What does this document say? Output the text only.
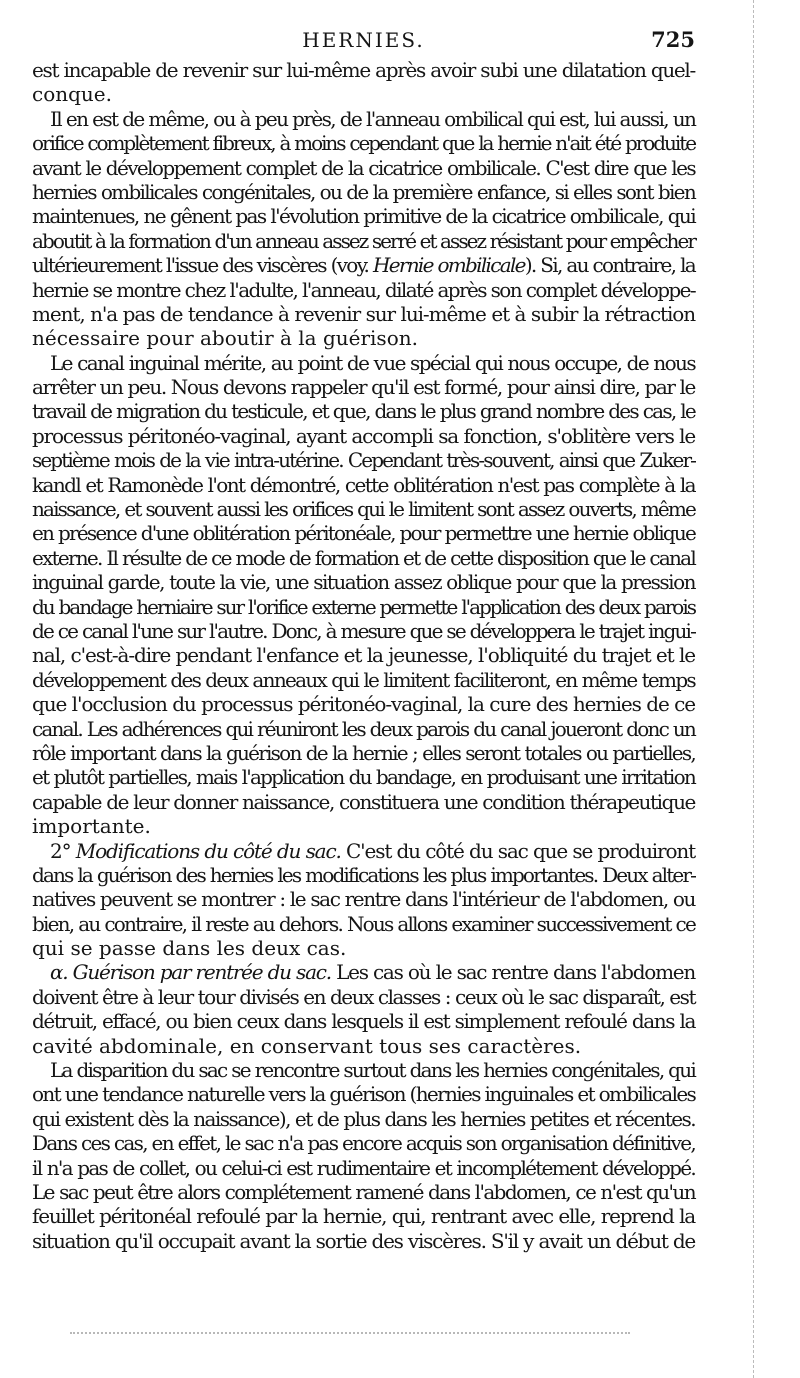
HERNIES.	725
est incapable de revenir sur lui-même après avoir subi une dilatation quel-
conque.
Il en est de même, ou à peu près, de l'anneau ombilical qui est, lui aussi, un
orifice complètement fibreux, à moins cependant que la hernie n'ait été produite
avant le développement complet de la cicatrice ombilicale. C'est dire que les
hernies ombilicales congénitales, ou de la première enfance, si elles sont bien
maintenues, ne gênent pas l'évolution primitive de la cicatrice ombilicale, qui
aboutit à la formation d'un anneau assez serré et assez résistant pour empêcher
ultérieurement l'issue des viscères (voy. Hernie ombilicale). Si, au contraire, la
hernie se montre chez l'adulte, l'anneau, dilaté après son complet développe-
ment, n'a pas de tendance à revenir sur lui-même et à subir la rétraction
nécessaire pour aboutir à la guérison.
Le canal inguinal mérite, au point de vue spécial qui nous occupe, de nous
arrêter un peu. Nous devons rappeler qu'il est formé, pour ainsi dire, par le
travail de migration du testicule, et que, dans le plus grand nombre des cas, le
processus péritonéo-vaginal, ayant accompli sa fonction, s'oblitère vers le
septième mois de la vie intra-utérine. Cependant très-souvent, ainsi que Zuker-
kandl et Ramonède l'ont démontré, cette oblitération n'est pas complète à la
naissance, et souvent aussi les orifices qui le limitent sont assez ouverts, même
en présence d'une oblitération péritonéale, pour permettre une hernie oblique
externe. Il résulte de ce mode de formation et de cette disposition que le canal
inguinal garde, toute la vie, une situation assez oblique pour que la pression
du bandage herniaire sur l'orifice externe permette l'application des deux parois
de ce canal l'une sur l'autre. Donc, à mesure que se développera le trajet ingui-
nal, c'est-à-dire pendant l'enfance et la jeunesse, l'obliquité du trajet et le
développement des deux anneaux qui le limitent faciliteront, en même temps
que l'occlusion du processus péritonéo-vaginal, la cure des hernies de ce
canal. Les adhérences qui réuniront les deux parois du canal joueront donc un
rôle important dans la guérison de la hernie ; elles seront totales ou partielles,
et plutôt partielles, mais l'application du bandage, en produisant une irritation
capable de leur donner naissance, constituera une condition thérapeutique
importante.
2° Modifications du côté du sac. C'est du côté du sac que se produiront
dans la guérison des hernies les modifications les plus importantes. Deux alter-
natives peuvent se montrer : le sac rentre dans l'intérieur de l'abdomen, ou
bien, au contraire, il reste au dehors. Nous allons examiner successivement ce
qui se passe dans les deux cas.
α. Guérison par rentrée du sac. Les cas où le sac rentre dans l'abdomen
doivent être à leur tour divisés en deux classes : ceux où le sac disparaît, est
détruit, effacé, ou bien ceux dans lesquels il est simplement refoulé dans la
cavité abdominale, en conservant tous ses caractères.
La disparition du sac se rencontre surtout dans les hernies congénitales, qui
ont une tendance naturelle vers la guérison (hernies inguinales et ombilicales
qui existent dès la naissance), et de plus dans les hernies petites et récentes.
Dans ces cas, en effet, le sac n'a pas encore acquis son organisation définitive,
il n'a pas de collet, ou celui-ci est rudimentaire et incomplétement développé.
Le sac peut être alors complétement ramené dans l'abdomen, ce n'est qu'un
feuillet péritonéal refoulé par la hernie, qui, rentrant avec elle, reprend la
situation qu'il occupait avant la sortie des viscères. S'il y avait un début de
